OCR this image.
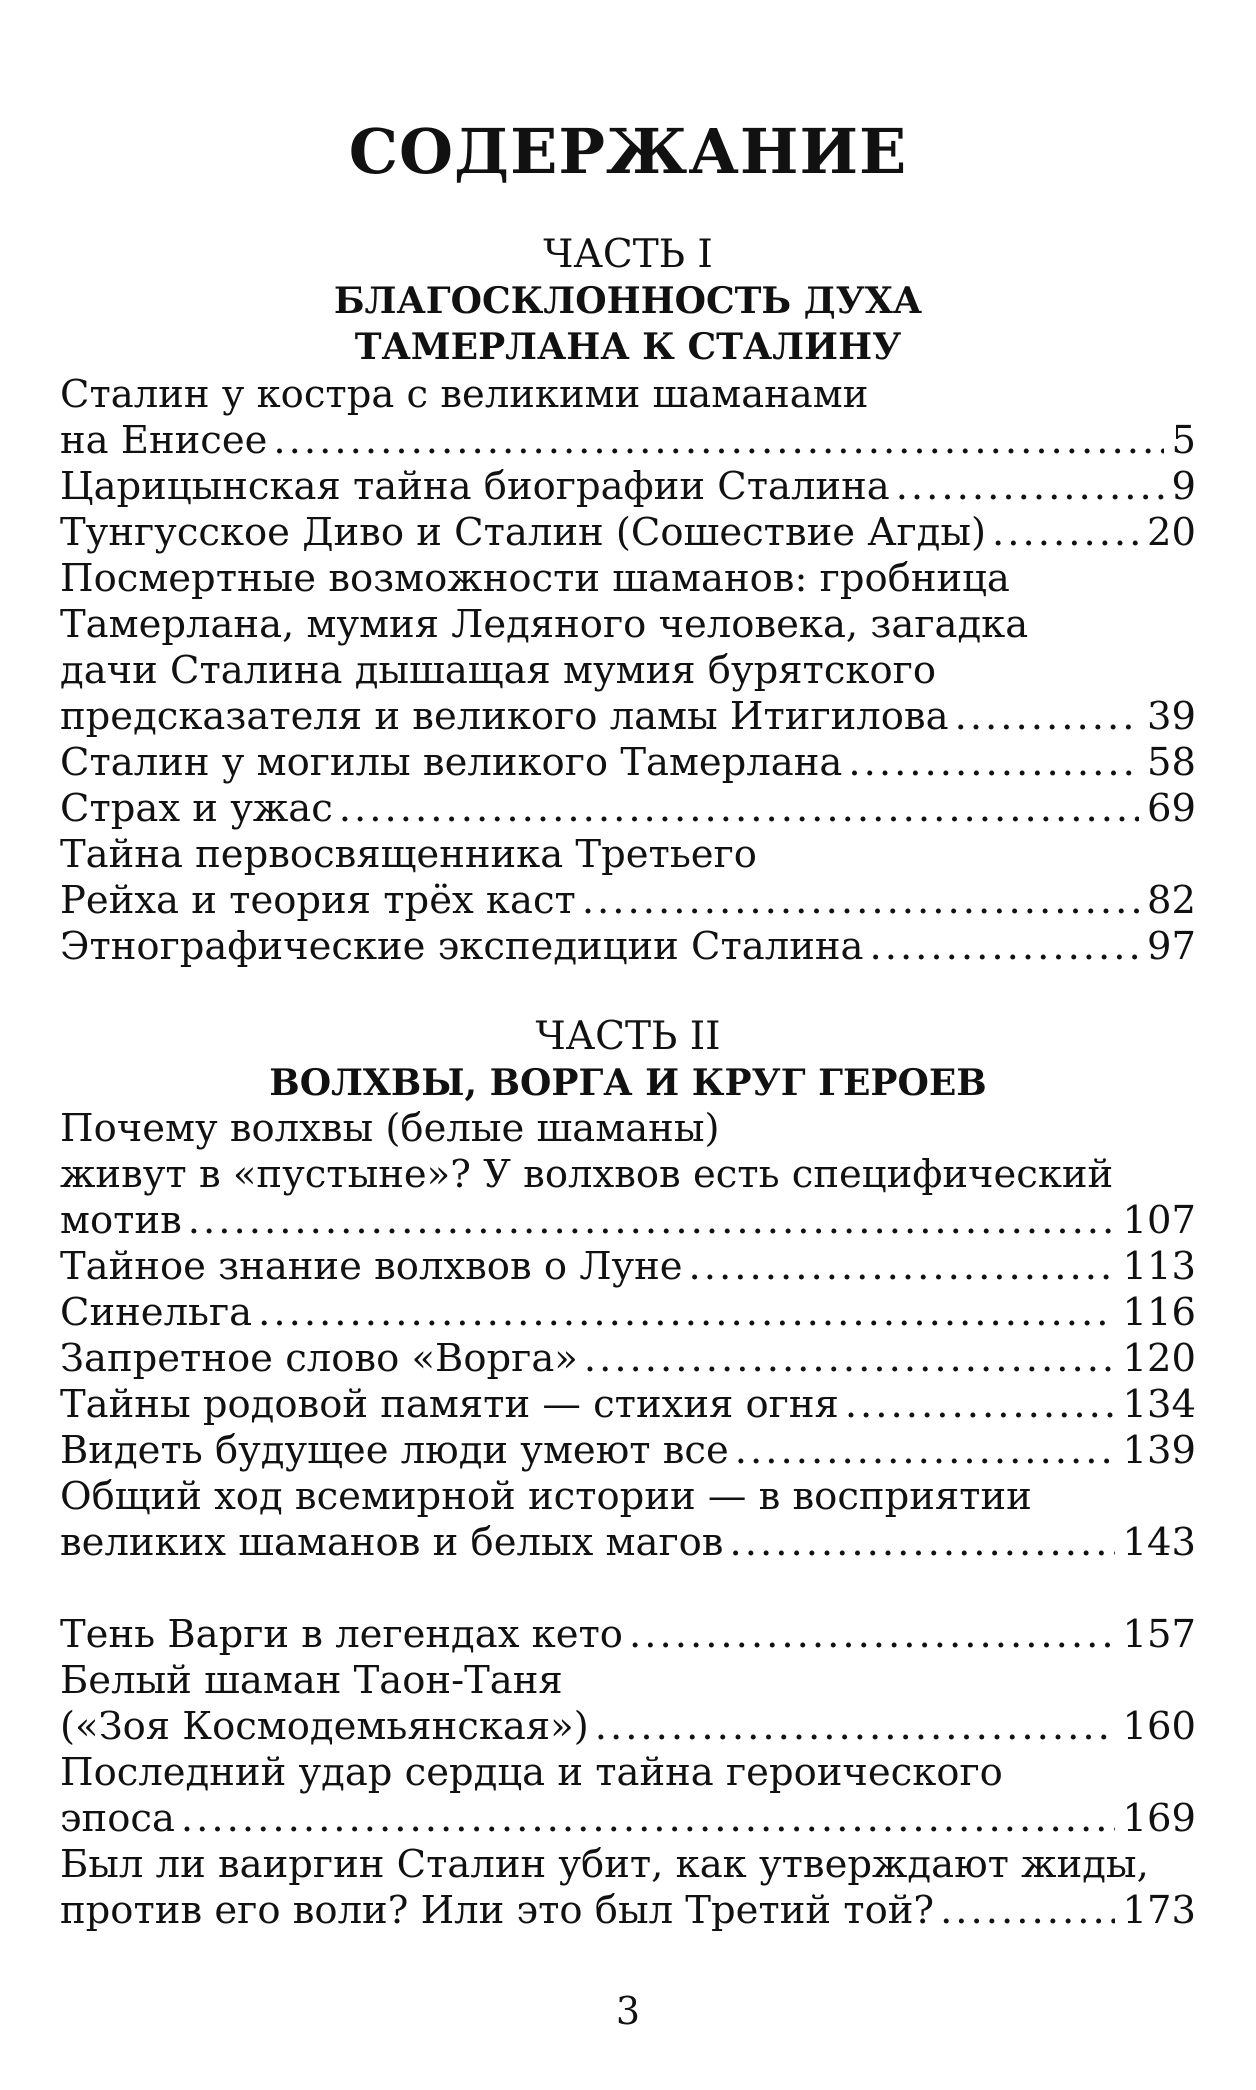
СОДЕРЖАНИЕ
ЧАСТЬ I
БЛАГОСКЛОННОСТЬ ДУХА
ТАМЕРЛАНА К СТАЛИНУ
Сталин у костра с великими шаманами
на Енисее .....	5
Царицынская тайна биографии Сталина .....	9
Тунгусское Диво и Сталин (Сошествие Агды) .....	20
Посмертные возможности шаманов: гробница
Тамерлана, мумия Ледяного человека, загадка
дачи Сталина дышащая мумия бурятского
предсказателя и великого ламы Итигилова .....	39
Сталин у могилы великого Тамерлана .....	58
Страх и ужас .....	69
Тайна первосвященника Третьего
Рейха и теория трёх каст .....	82
Этнографические экспедиции Сталина .....	97
ЧАСТЬ II
ВОЛХВЫ, ВОРГА И КРУГ ГЕРОЕВ
Почему волхвы (белые шаманы)
живут в «пустыне»? У волхвов есть специфический
мотив .....	107
Тайное знание волхвов о Луне .....	113
Синельга .....	116
Запретное слово «Ворга» .....	120
Тайны родовой памяти — стихия огня .....	134
Видеть будущее люди умеют все .....	139
Общий ход всемирной истории — в восприятии
великих шаманов и белых магов .....	143
Тень Варги в легендах кето .....	157
Белый шаман Таон-Таня
(«Зоя Космодемьянская») .....	160
Последний удар сердца и тайна героического
эпоса .....	169
Был ли ваиргин Сталин убит, как утверждают жиды,
против его воли? Или это был Третий той? .....	173
3
